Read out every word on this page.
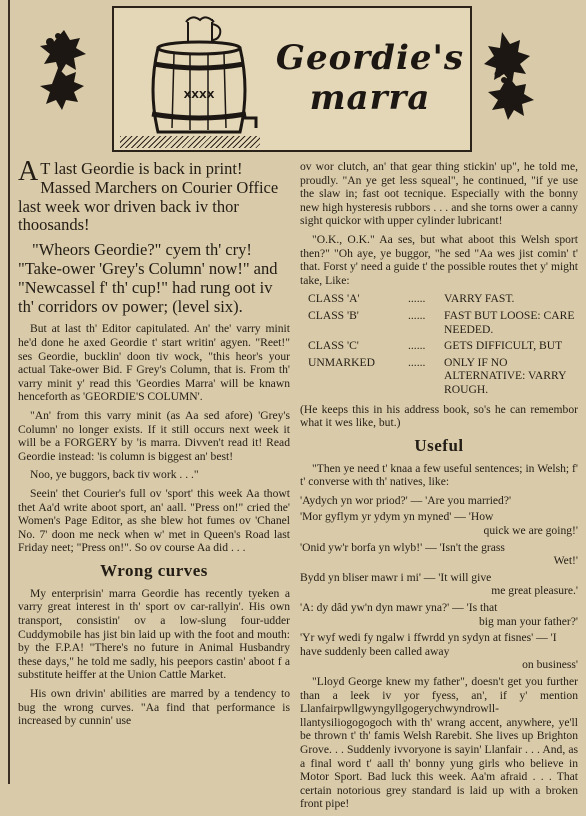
XXXX
Geordie's
marra

A T last Geordie is back in print! Massed Marchers on Courier Office last week wor driven back iv thor thoosands!

"Wheors Geordie?" cyem th' cry! "Take-ower 'Grey's Column' now!" and "Newcassel f' th' cup!" had rung oot iv th' corridors ov power; (level six).

But at last th' Editor capitulated. An' the' varry minit he'd done he axed Geordie t' start writin' agyen. "Reet!" ses Geordie, bucklin' doon tiv wock, "this heor's your actual Take-ower Bid. F Grey's Column, that is. From th' varry minit y' read this 'Geordies Marra' will be knawn henceforth as 'GEORDIE'S COLUMN'.

"An' from this varry minit (as Aa sed afore) 'Grey's Column' no longer exists. If it still occurs next week it will be a FORGERY by 'is marra. Divven't read it! Read Geordie instead: 'is column is biggest an' best!

Noo, ye buggors, back tiv work . . ."

Seein' thet Courier's full ov 'sport' this week Aa thowt thet Aa'd write aboot sport, an' aall. "Press on!" cried the' Women's Page Editor, as she blew hot fumes ov 'Chanel No. 7' doon me neck when w' met in Queen's Road last Friday neet; "Press on!". So ov course Aa did . . .

Wrong curves

My enterprisin' marra Geordie has recently tyeken a varry great interest in th' sport ov car-rallyin'. His own transport, consistin' ov a low-slung four-udder Cuddymobile has jist bin laid up with the foot and mouth: by the F.P.A! "There's no future in Animal Husbandry these days," he told me sadly, his peepors castin' aboot f a substitute heiffer at the Union Cattle Market.

His own drivin' abilities are marred by a tendency to bug the wrong curves. "Aa find that performance is increased by cunnin' use

ov wor clutch, an' that gear thing stickin' up", he told me, proudly. "An ye get less squeal", he continued, "if ye use the slaw in; fast oot tecnique. Especially with the bonny new high hysteresis rubbors . . . and she torns ower a canny sight quickor with upper cylinder lubricant!

"O.K., O.K." Aa ses, but what aboot this Welsh sport then?" "Oh aye, ye buggor, "he sed "Aa wes jist comin' t' that. Forst y' need a guide t' the possible routes thet y' might take, Like:

CLASS 'A'	......	VARRY FAST.
CLASS 'B'	......	FAST BUT LOOSE: CARE NEEDED.
CLASS 'C'	......	GETS DIFFICULT, BUT
UNMARKED	......	ONLY IF NO ALTERNATIVE: VARRY ROUGH.

(He keeps this in his address book, so's he can remembor what it wes like, but.)

Useful

"Then ye need t' knaa a few useful sentences; in Welsh; f' t' converse with th' natives, like:

'Aydych yn wor priod?' — 'Are you married?'

'Mor gyflym yr ydym yn myned' — 'How
quick we are going!'

'Onid yw'r borfa yn wlyb!' — 'Isn't the grass
Wet!'

Bydd yn bliser mawr i mi' — 'It will give
me great pleasure.'

'A: dy dâd yw'n dyn mawr yna?' — 'Is that
big man your father?'

'Yr wyf wedi fy ngalw i ffwrdd yn sydyn at fisnes' — 'I have suddenly been called away
on business'

"Lloyd George knew my father", doesn't get you further than a leek iv yor fyess, an', if y' mention Llanfairpwllgwyngyllgogerychwyndrowll-llantysiliogogogoch with th' wrang accent, anywhere, ye'll be thrown t' th' famis Welsh Rarebit. She lives up Brighton Grove. . . Suddenly ivvoryone is sayin' Llanfair . . . And, as a final word t' aall th' bonny yung girls who believe in Motor Sport. Bad luck this week. Aa'm afraid . . . That certain notorious grey standard is laid up with a broken front pipe!
